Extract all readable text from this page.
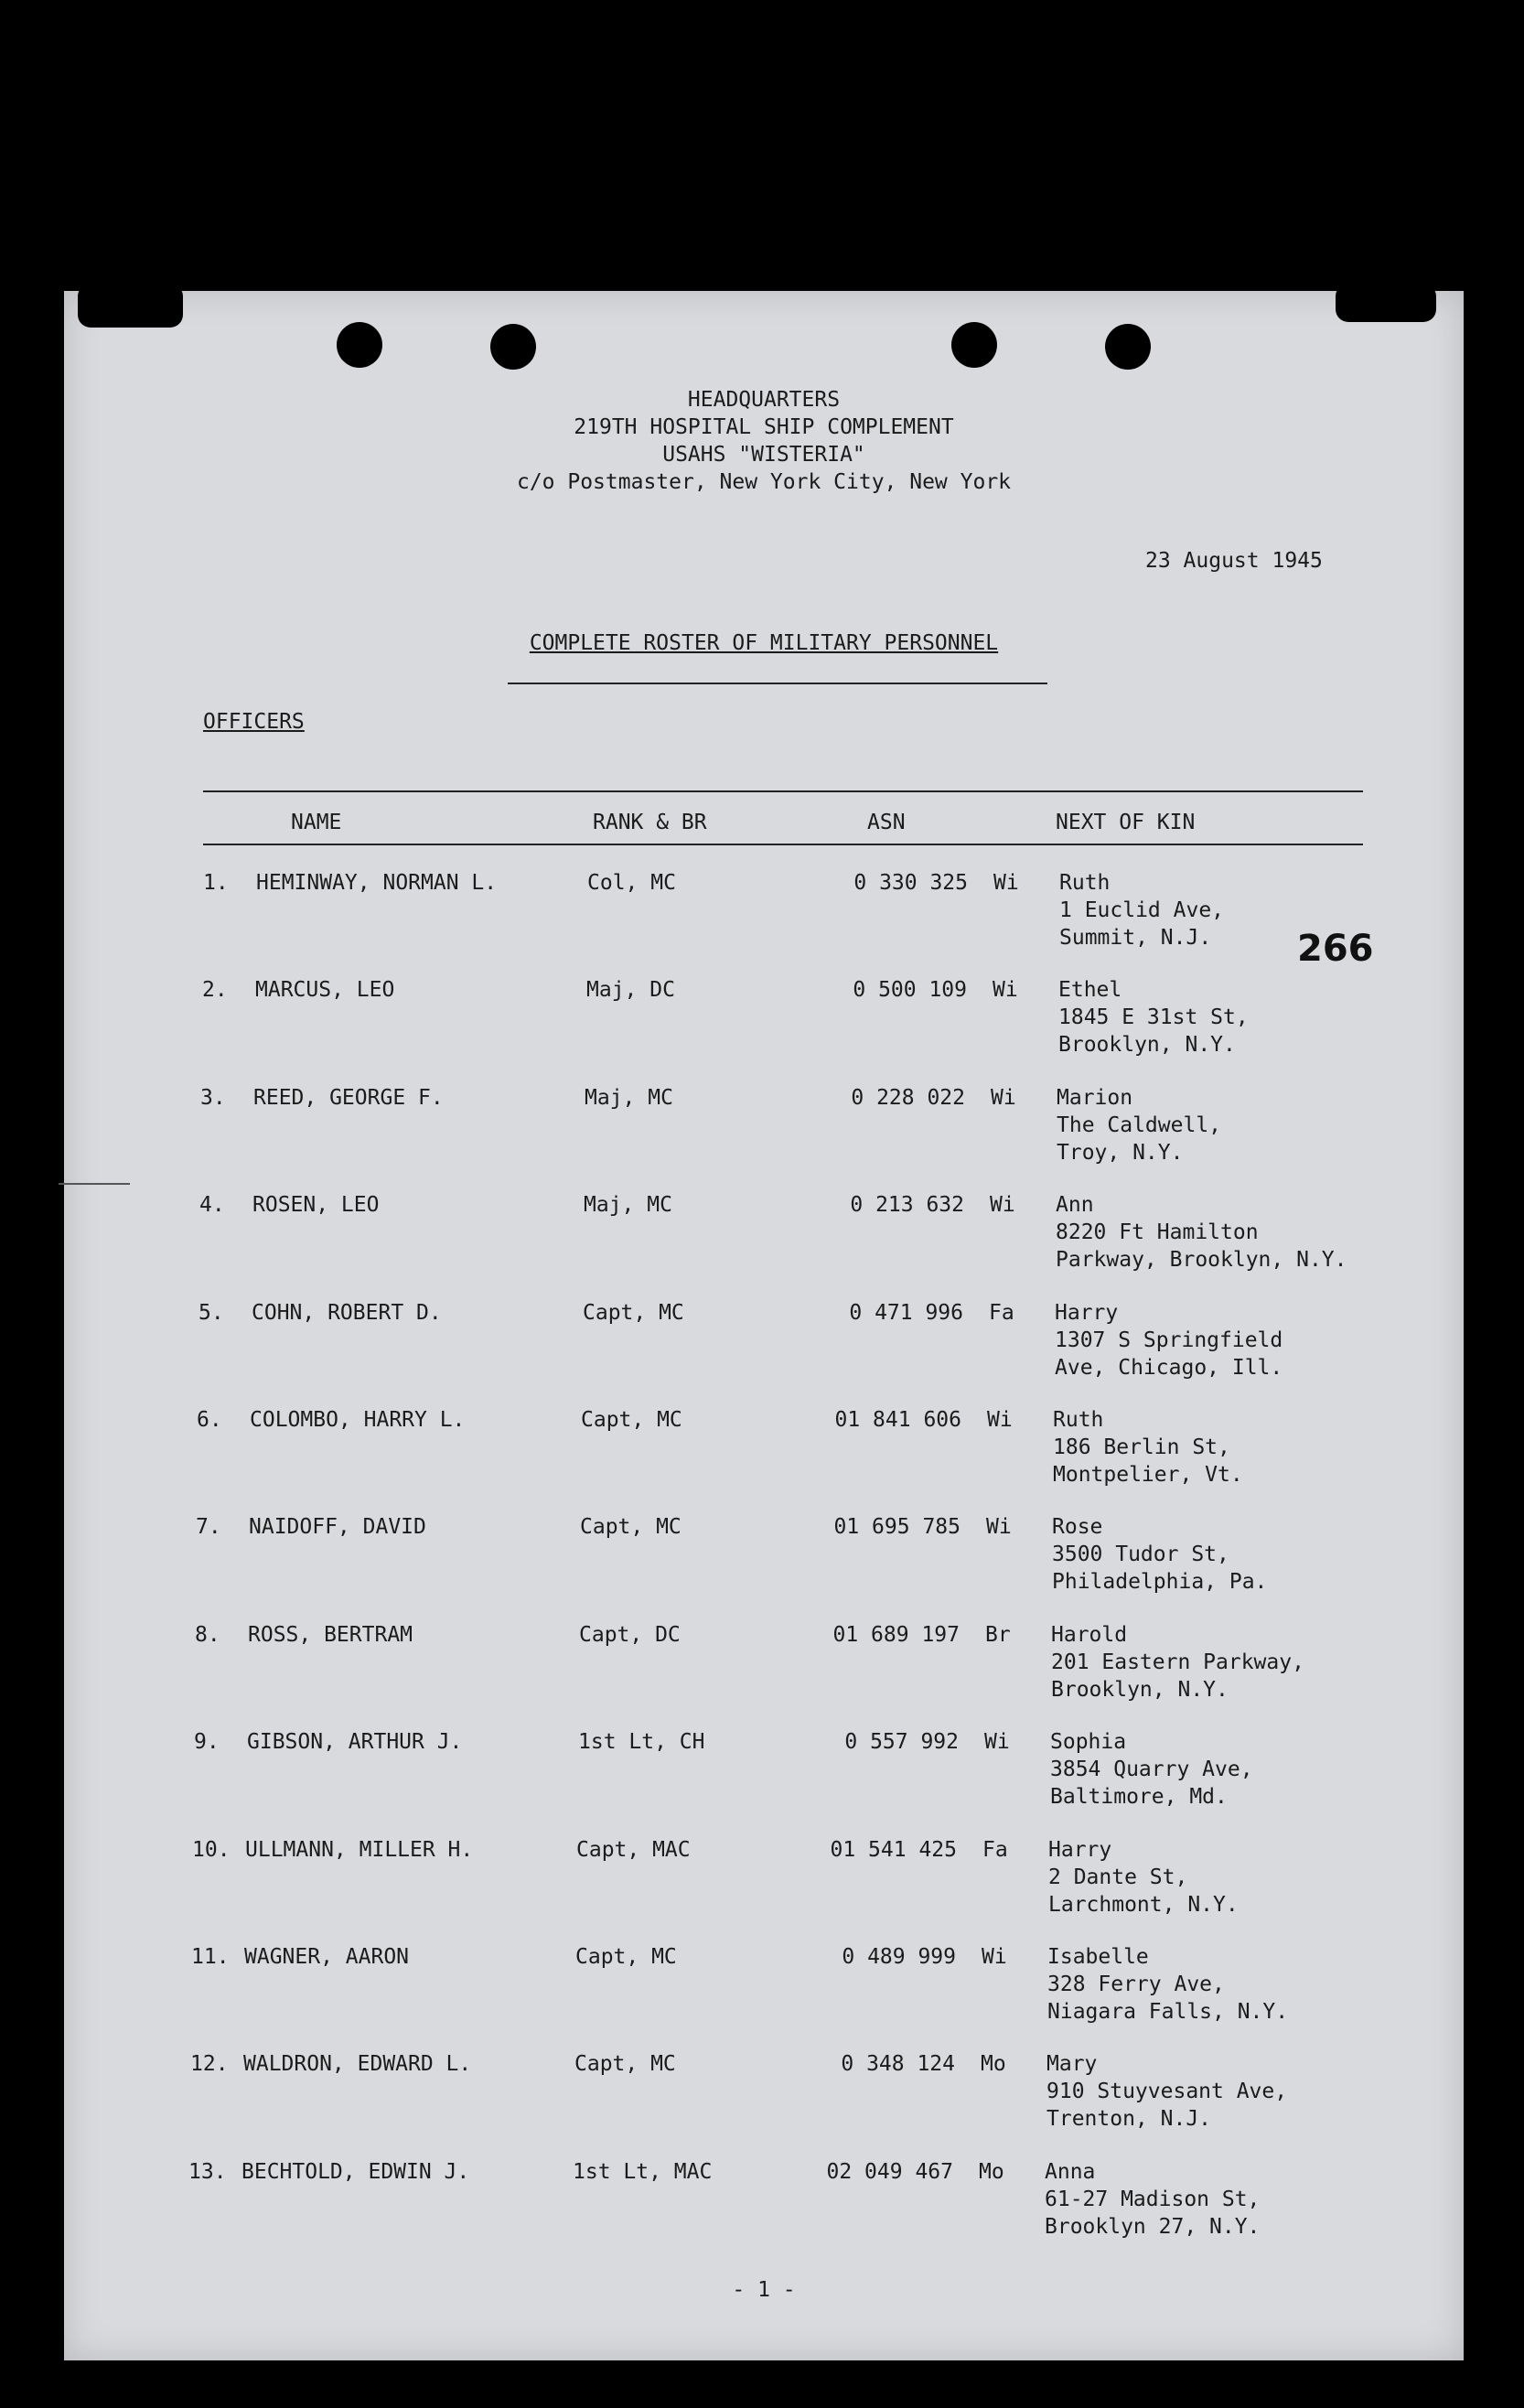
HEADQUARTERS
219TH HOSPITAL SHIP COMPLEMENT
USAHS "WISTERIA"
c/o Postmaster, New York City, New York
23 August 1945
COMPLETE ROSTER OF MILITARY PERSONNEL
OFFICERS
NAME	RANK & BR	ASN	NEXT OF KIN
266
1. HEMINWAY, NORMAN L.	Col, MC	0 330 325 Wi Ruth
1 Euclid Ave,
Summit, N.J.
2. MARCUS, LEO	Maj, DC	0 500 109 Wi Ethel
1845 E 31st St,
Brooklyn, N.Y.
3. REED, GEORGE F.	Maj, MC	0 228 022 Wi Marion
The Caldwell,
Troy, N.Y.
4. ROSEN, LEO	Maj, MC	0 213 632 Wi Ann
8220 Ft Hamilton
Parkway, Brooklyn, N.Y.
5. COHN, ROBERT D.	Capt, MC	0 471 996 Fa Harry
1307 S Springfield
Ave, Chicago, Ill.
6. COLOMBO, HARRY L.	Capt, MC	01 841 606 Wi Ruth
186 Berlin St,
Montpelier, Vt.
7. NAIDOFF, DAVID	Capt, MC	01 695 785 Wi Rose
3500 Tudor St,
Philadelphia, Pa.
8. ROSS, BERTRAM	Capt, DC	01 689 197 Br Harold
201 Eastern Parkway,
Brooklyn, N.Y.
9. GIBSON, ARTHUR J.	1st Lt, CH	0 557 992 Wi Sophia
3854 Quarry Ave,
Baltimore, Md.
10. ULLMANN, MILLER H.	Capt, MAC	01 541 425 Fa Harry
2 Dante St,
Larchmont, N.Y.
11. WAGNER, AARON	Capt, MC	0 489 999 Wi Isabelle
328 Ferry Ave,
Niagara Falls, N.Y.
12. WALDRON, EDWARD L.	Capt, MC	0 348 124 Mo Mary
910 Stuyvesant Ave,
Trenton, N.J.
13. BECHTOLD, EDWIN J.	1st Lt, MAC	02 049 467 Mo Anna
61-27 Madison St,
Brooklyn 27, N.Y.
- 1 -
